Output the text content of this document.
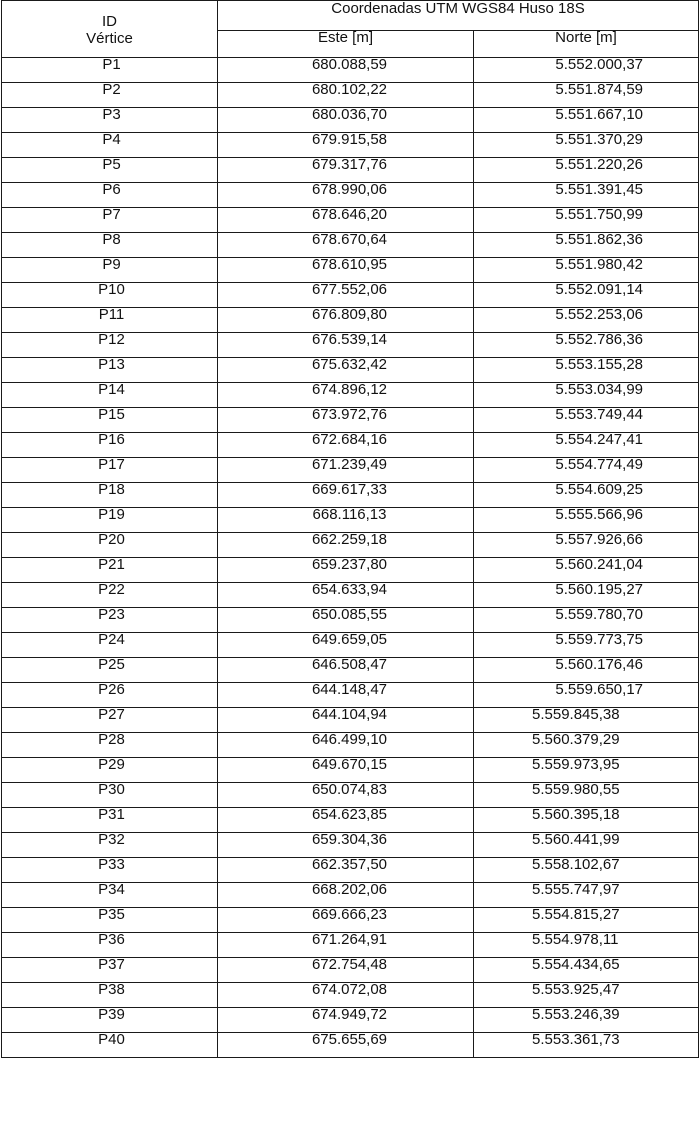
ID
Vértice	Coordenadas UTM WGS84 Huso 18S	
	Este [m]	Norte [m]
P1	680.088,59	5.552.000,37
P2	680.102,22	5.551.874,59
P3	680.036,70	5.551.667,10
P4	679.915,58	5.551.370,29
P5	679.317,76	5.551.220,26
P6	678.990,06	5.551.391,45
P7	678.646,20	5.551.750,99
P8	678.670,64	5.551.862,36
P9	678.610,95	5.551.980,42
P10	677.552,06	5.552.091,14
P11	676.809,80	5.552.253,06
P12	676.539,14	5.552.786,36
P13	675.632,42	5.553.155,28
P14	674.896,12	5.553.034,99
P15	673.972,76	5.553.749,44
P16	672.684,16	5.554.247,41
P17	671.239,49	5.554.774,49
P18	669.617,33	5.554.609,25
P19	668.116,13	5.555.566,96
P20	662.259,18	5.557.926,66
P21	659.237,80	5.560.241,04
P22	654.633,94	5.560.195,27
P23	650.085,55	5.559.780,70
P24	649.659,05	5.559.773,75
P25	646.508,47	5.560.176,46
P26	644.148,47	5.559.650,17
P27	644.104,94	5.559.845,38
P28	646.499,10	5.560.379,29
P29	649.670,15	5.559.973,95
P30	650.074,83	5.559.980,55
P31	654.623,85	5.560.395,18
P32	659.304,36	5.560.441,99
P33	662.357,50	5.558.102,67
P34	668.202,06	5.555.747,97
P35	669.666,23	5.554.815,27
P36	671.264,91	5.554.978,11
P37	672.754,48	5.554.434,65
P38	674.072,08	5.553.925,47
P39	674.949,72	5.553.246,39
P40	675.655,69	5.553.361,73
